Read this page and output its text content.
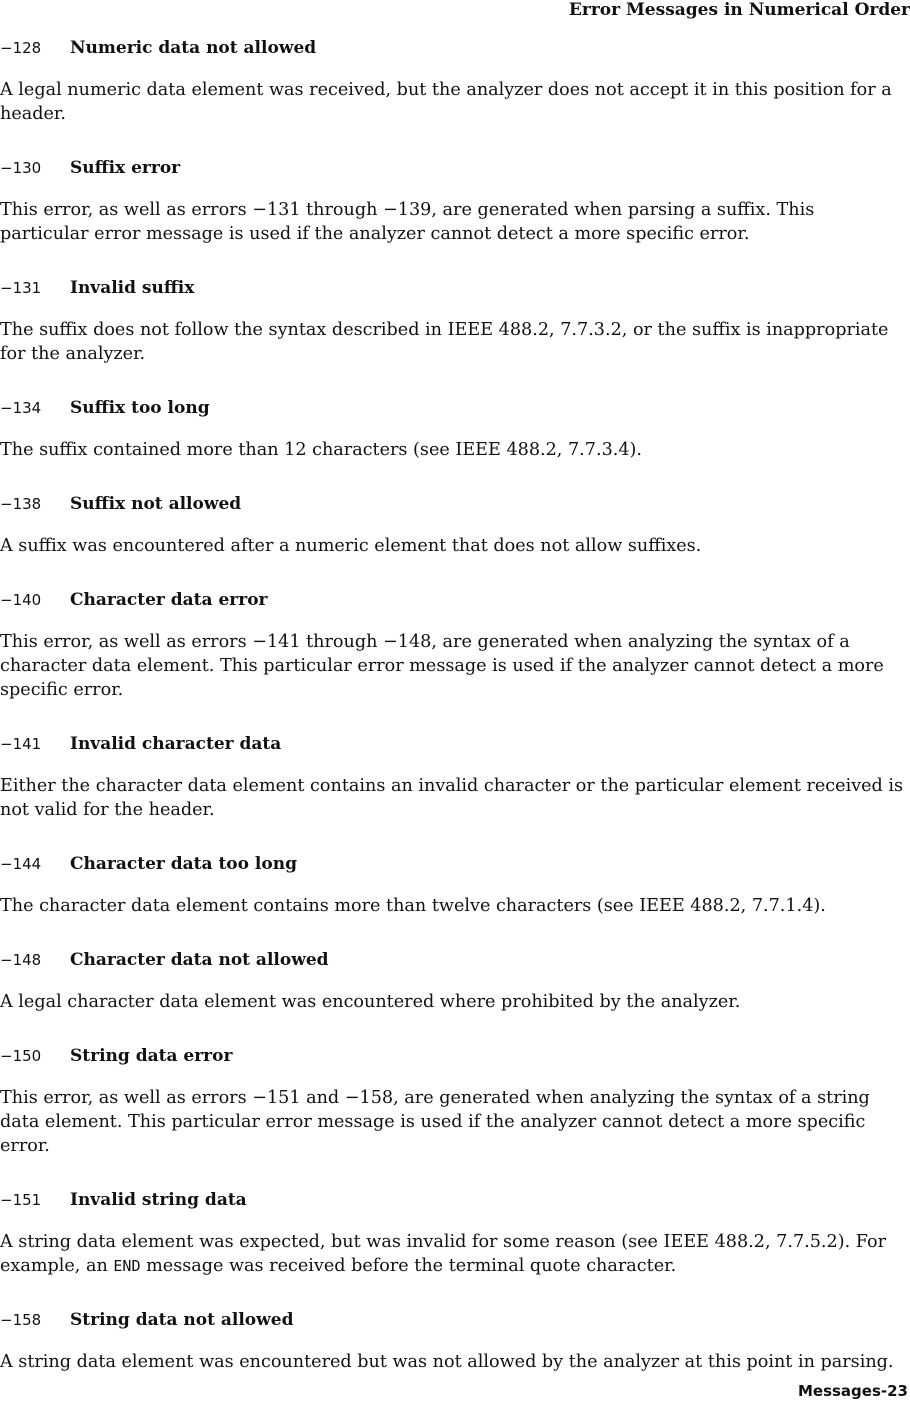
Error Messages in Numerical Order
−128	Numeric data not allowed

A legal numeric data element was received, but the analyzer does not accept it in this position for a header.

−130	Suffix error

This error, as well as errors −131 through −139, are generated when parsing a suffix. This particular error message is used if the analyzer cannot detect a more specific error.

−131	Invalid suffix

The suffix does not follow the syntax described in IEEE 488.2, 7.7.3.2, or the suffix is inappropriate for the analyzer.

−134	Suffix too long

The suffix contained more than 12 characters (see IEEE 488.2, 7.7.3.4).

−138	Suffix not allowed

A suffix was encountered after a numeric element that does not allow suffixes.

−140	Character data error

This error, as well as errors −141 through −148, are generated when analyzing the syntax of a character data element. This particular error message is used if the analyzer cannot detect a more specific error.

−141	Invalid character data

Either the character data element contains an invalid character or the particular element received is not valid for the header.

−144	Character data too long

The character data element contains more than twelve characters (see IEEE 488.2, 7.7.1.4).

−148	Character data not allowed

A legal character data element was encountered where prohibited by the analyzer.

−150	String data error

This error, as well as errors −151 and −158, are generated when analyzing the syntax of a string data element. This particular error message is used if the analyzer cannot detect a more specific error.

−151	Invalid string data

A string data element was expected, but was invalid for some reason (see IEEE 488.2, 7.7.5.2). For example, an END message was received before the terminal quote character.

−158	String data not allowed

A string data element was encountered but was not allowed by the analyzer at this point in parsing.

Messages-23
